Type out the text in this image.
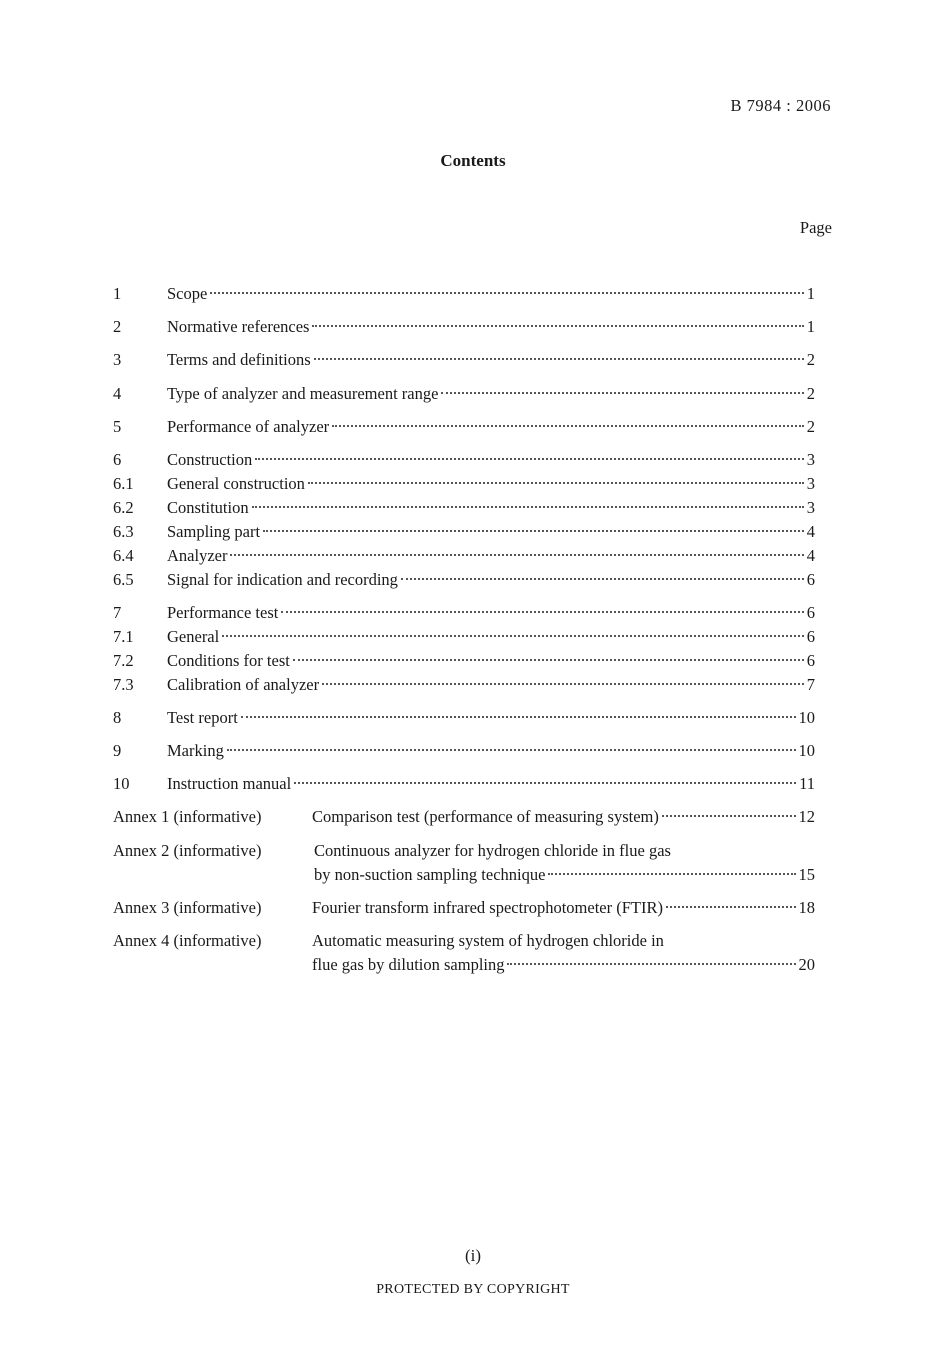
B 7984 : 2006
Contents
Page
1	Scope	1
2	Normative references	1
3	Terms and definitions	2
4	Type of analyzer and measurement range	2
5	Performance of analyzer	2
6	Construction	3
6.1 General construction	3
6.2 Constitution	3
6.3 Sampling part	4
6.4 Analyzer	4
6.5 Signal for indication and recording	6
7	Performance test	6
7.1 General	6
7.2 Conditions for test	6
7.3 Calibration of analyzer	7
8	Test report	10
9	Marking	10
10 Instruction manual	11
Annex 1 (informative)	Comparison test (performance of measuring system)	12
Annex 2 (informative)	Continuous analyzer for hydrogen chloride in flue gas
by non-suction sampling technique	15
Annex 3 (informative)	Fourier transform infrared spectrophotometer (FTIR)	18
Annex 4 (informative)	Automatic measuring system of hydrogen chloride in
flue gas by dilution sampling	20
(i)
PROTECTED BY COPYRIGHT
